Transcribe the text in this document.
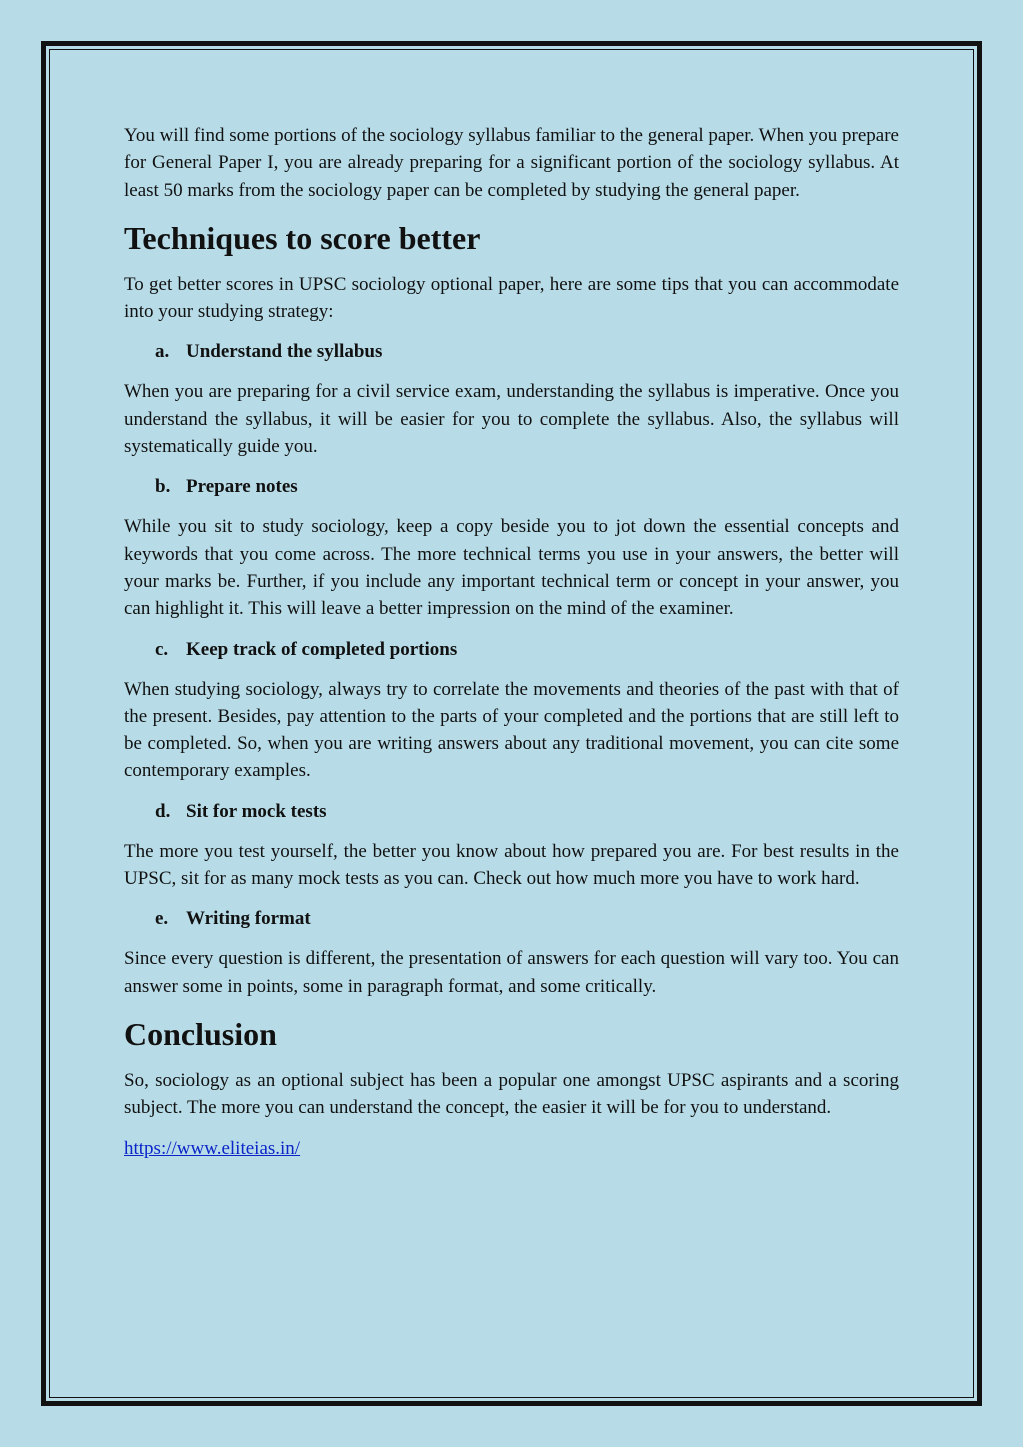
You will find some portions of the sociology syllabus familiar to the general paper. When you prepare for General Paper I, you are already preparing for a significant portion of the sociology syllabus. At least 50 marks from the sociology paper can be completed by studying the general paper.

Techniques to score better

To get better scores in UPSC sociology optional paper, here are some tips that you can accommodate into your studying strategy:

a. Understand the syllabus

When you are preparing for a civil service exam, understanding the syllabus is imperative. Once you understand the syllabus, it will be easier for you to complete the syllabus. Also, the syllabus will systematically guide you.

b. Prepare notes

While you sit to study sociology, keep a copy beside you to jot down the essential concepts and keywords that you come across. The more technical terms you use in your answers, the better will your marks be. Further, if you include any important technical term or concept in your answer, you can highlight it. This will leave a better impression on the mind of the examiner.

c. Keep track of completed portions

When studying sociology, always try to correlate the movements and theories of the past with that of the present. Besides, pay attention to the parts of your completed and the portions that are still left to be completed. So, when you are writing answers about any traditional movement, you can cite some contemporary examples.

d. Sit for mock tests

The more you test yourself, the better you know about how prepared you are. For best results in the UPSC, sit for as many mock tests as you can. Check out how much more you have to work hard.

e. Writing format

Since every question is different, the presentation of answers for each question will vary too. You can answer some in points, some in paragraph format, and some critically.

Conclusion

So, sociology as an optional subject has been a popular one amongst UPSC aspirants and a scoring subject. The more you can understand the concept, the easier it will be for you to understand.

https://www.eliteias.in/
